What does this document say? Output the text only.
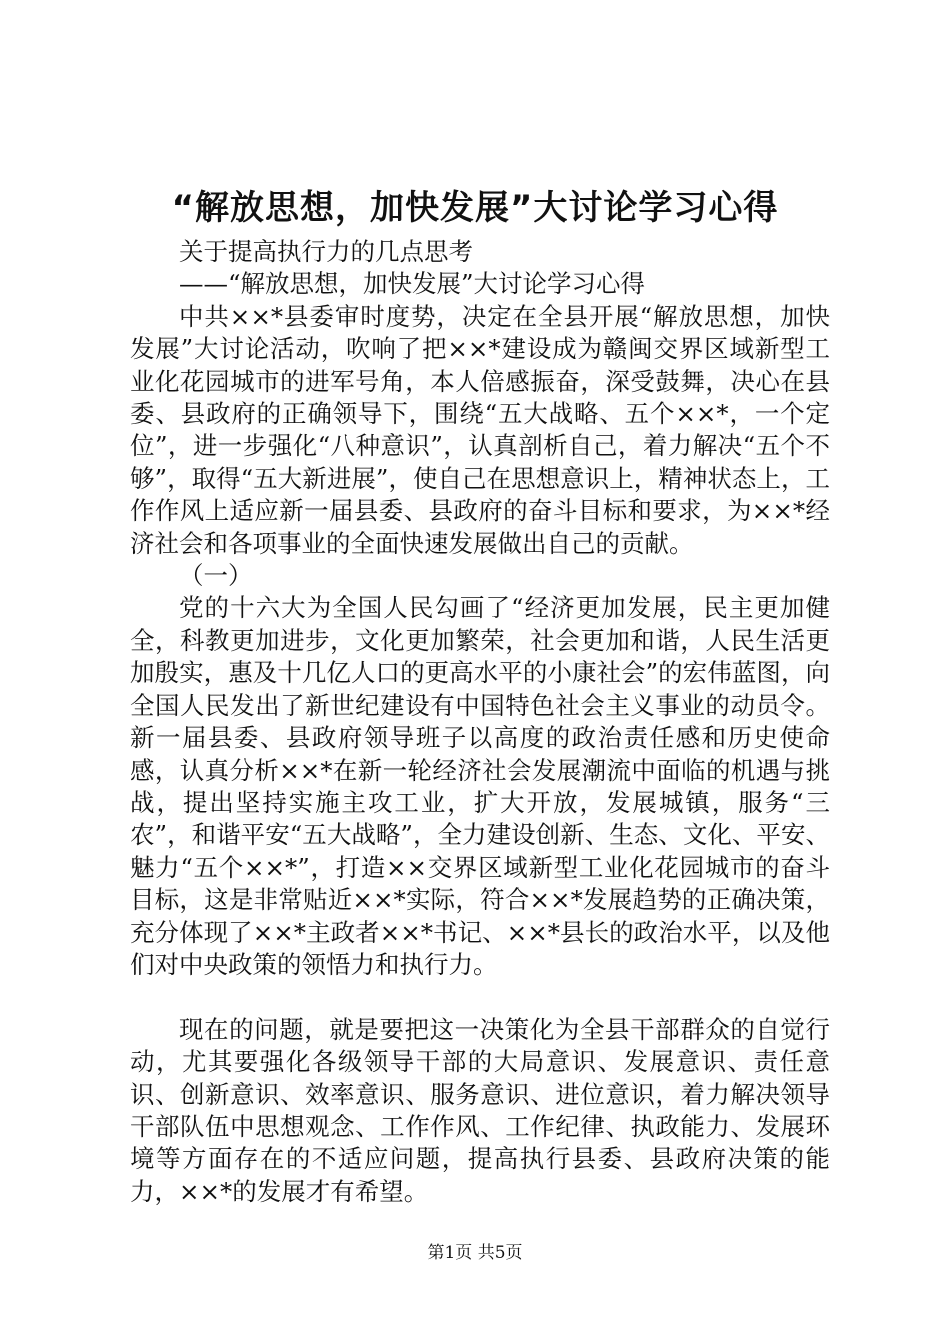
“解放思想，加快发展”大讨论学习心得

关于提高执行力的几点思考

——“解放思想，加快发展”大讨论学习心得

中共××*县委审时度势，决定在全县开展“解放思想，加快发展”大讨论活动，吹响了把××*建设成为赣闽交界区域新型工业化花园城市的进军号角，本人倍感振奋，深受鼓舞，决心在县委、县政府的正确领导下，围绕“五大战略、五个××*，一个定位”，进一步强化“八种意识”，认真剖析自己，着力解决“五个不够”，取得“五大新进展”，使自己在思想意识上，精神状态上，工作作风上适应新一届县委、县政府的奋斗目标和要求，为××*经济社会和各项事业的全面快速发展做出自己的贡献。

（一）

党的十六大为全国人民勾画了“经济更加发展，民主更加健全，科教更加进步，文化更加繁荣，社会更加和谐，人民生活更加殷实，惠及十几亿人口的更高水平的小康社会”的宏伟蓝图，向全国人民发出了新世纪建设有中国特色社会主义事业的动员令。新一届县委、县政府领导班子以高度的政治责任感和历史使命感，认真分析××*在新一轮经济社会发展潮流中面临的机遇与挑战，提出坚持实施主攻工业，扩大开放，发展城镇，服务“三农”，和谐平安“五大战略”，全力建设创新、生态、文化、平安、魅力“五个××*”，打造××交界区域新型工业化花园城市的奋斗目标，这是非常贴近××*实际，符合××*发展趋势的正确决策，充分体现了××*主政者××*书记、××*县长的政治水平，以及他们对中央政策的领悟力和执行力。

现在的问题，就是要把这一决策化为全县干部群众的自觉行动，尤其要强化各级领导干部的大局意识、发展意识、责任意识、创新意识、效率意识、服务意识、进位意识，着力解决领导干部队伍中思想观念、工作作风、工作纪律、执政能力、发展环境等方面存在的不适应问题，提高执行县委、县政府决策的能力，××*的发展才有希望。

第1页 共5页
